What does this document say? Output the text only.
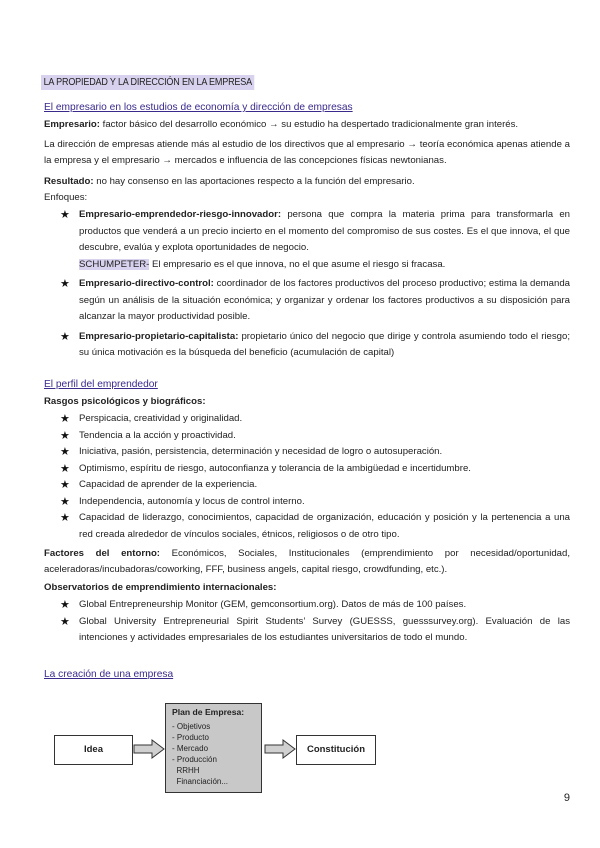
LA PROPIEDAD Y LA DIRECCIÓN EN LA EMPRESA
El empresario en los estudios de economía y dirección de empresas
Empresario: factor básico del desarrollo económico → su estudio ha despertado tradicionalmente gran interés.
La dirección de empresas atiende más al estudio de los directivos que al empresario → teoría económica apenas atiende a la empresa y el empresario → mercados e influencia de las concepciones físicas newtonianas.
Resultado: no hay consenso en las aportaciones respecto a la función del empresario.
Enfoques:
★ Empresario-emprendedor-riesgo-innovador: persona que compra la materia prima para transformarla en productos que venderá a un precio incierto en el momento del compromiso de sus costes. Es el que innova, el que descubre, evalúa y explota oportunidades de negocio.
SCHUMPETER- El empresario es el que innova, no el que asume el riesgo si fracasa.
★ Empresario-directivo-control: coordinador de los factores productivos del proceso productivo; estima la demanda según un análisis de la situación económica; y organizar y ordenar los factores productivos a su disposición para alcanzar la mayor productividad posible.
★ Empresario-propietario-capitalista: propietario único del negocio que dirige y controla asumiendo todo el riesgo; su única motivación es la búsqueda del beneficio (acumulación de capital)
El perfil del emprendedor
Rasgos psicológicos y biográficos:
★ Perspicacia, creatividad y originalidad.
★ Tendencia a la acción y proactividad.
★ Iniciativa, pasión, persistencia, determinación y necesidad de logro o autosuperación.
★ Optimismo, espíritu de riesgo, autoconfianza y tolerancia de la ambigüedad e incertidumbre.
★ Capacidad de aprender de la experiencia.
★ Independencia, autonomía y locus de control interno.
★ Capacidad de liderazgo, conocimientos, capacidad de organización, educación y posición y la pertenencia a una red creada alrededor de vínculos sociales, étnicos, religiosos o de otro tipo.
Factores del entorno: Económicos, Sociales, Institucionales (emprendimiento por necesidad/oportunidad, aceleradoras/incubadoras/coworking, FFF, business angels, capital riesgo, crowdfunding, etc.).
Observatorios de emprendimiento internacionales:
★ Global Entrepreneurship Monitor (GEM, gemconsortium.org). Datos de más de 100 países.
★ Global University Entrepreneurial Spirit Students’ Survey (GUESSS, guesssurvey.org). Evaluación de las intenciones y actividades empresariales de los estudiantes universitarios de todo el mundo.
La creación de una empresa
Idea
Plan de Empresa:
- Objetivos
- Producto
- Mercado
- Producción
RRHH
Financiación...
Constitución
9
